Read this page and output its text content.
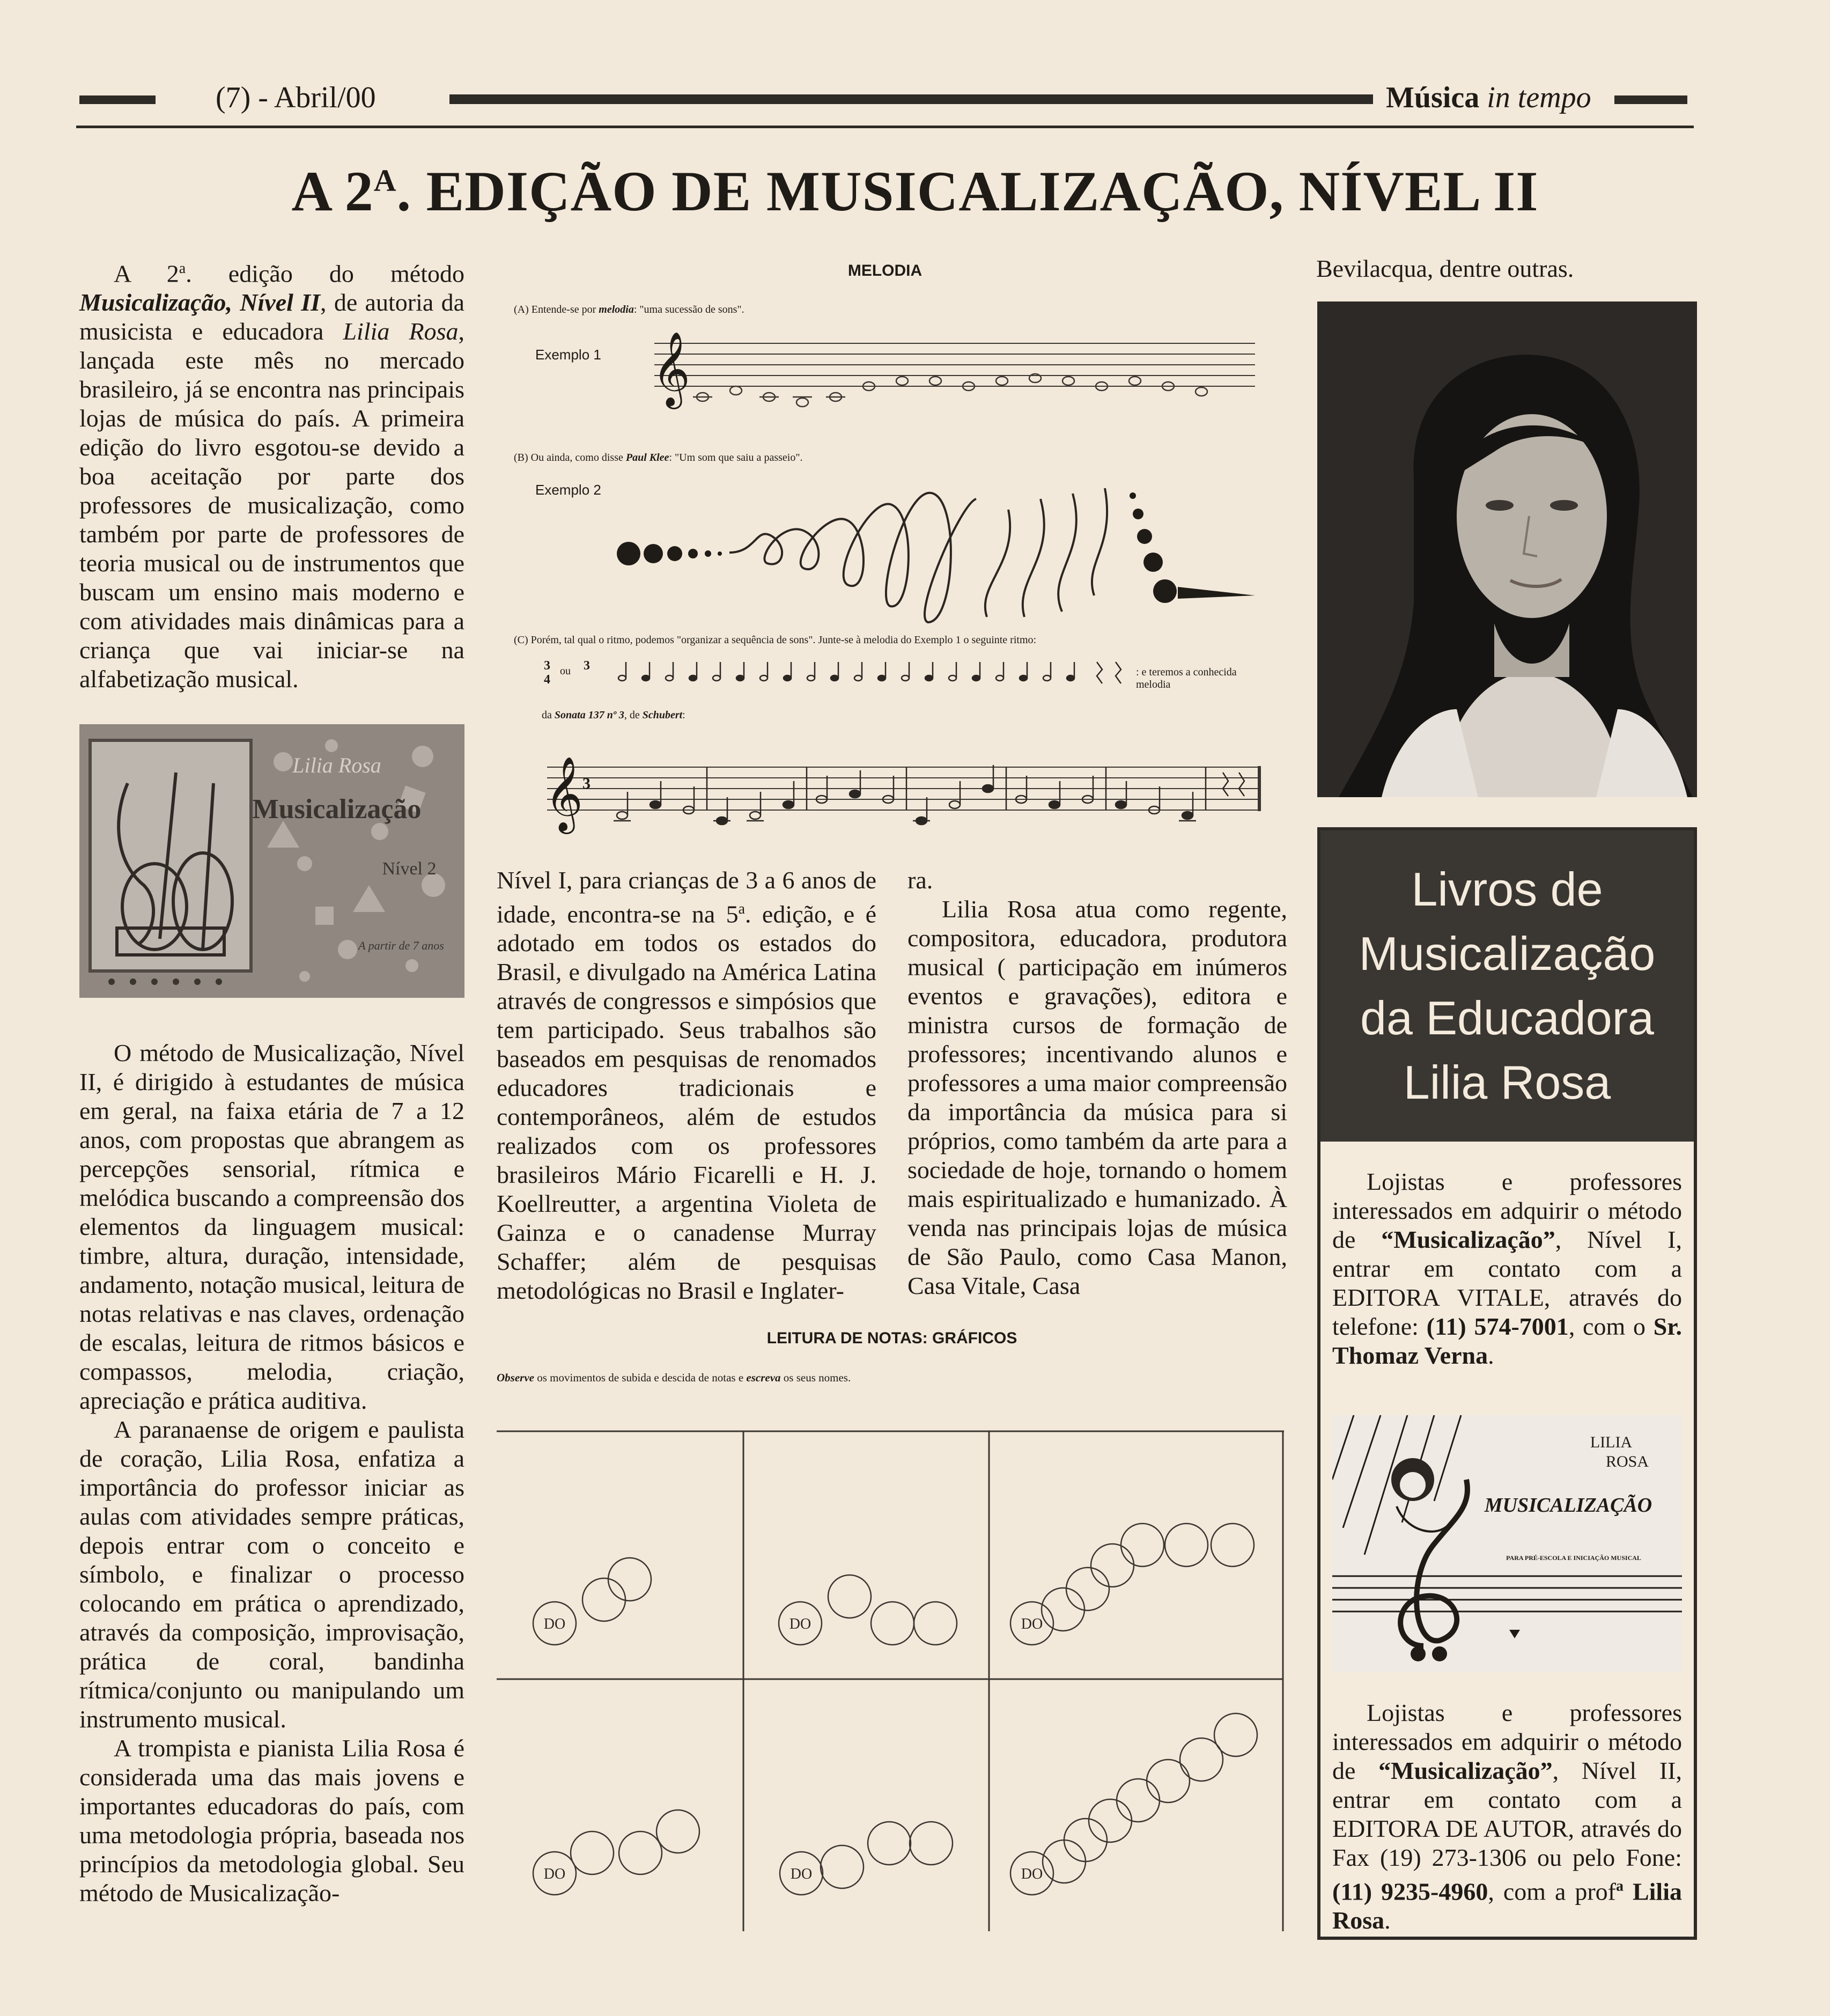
(7) - Abril/00	Música in tempo
A $2^A$. EDIÇÃO DE MUSICALIZAÇÃO, NÍVEL II

A 2$^a$. edição do método Musicalização, Nível II, de autoria da musicista e educadora Lilia Rosa, lançada este mês no mercado brasileiro, já se encontra nas principais lojas de música do país. A primeira edição do livro esgotou-se devido a boa aceitação por parte dos professores de musicalização, como também por parte de professores de teoria musical ou de instrumentos que buscam um ensino mais moderno e com atividades mais dinâmicas para a criança que vai iniciar-se na alfabetização musical.

Lilia Rosa
Musicalização
Nível 2
A partir de 7 anos

O método de Musicalização, Nível II, é dirigido à estudantes de música em geral, na faixa etária de 7 a 12 anos, com propostas que abrangem as percepções sensorial, rítmica e melódica buscando a compreensão dos elementos da linguagem musical: timbre, altura, duração, intensidade, andamento, notação musical, leitura de notas relativas e nas claves, ordenação de escalas, leitura de ritmos básicos e compassos, melodia, criação, apreciação e prática auditiva.

A paranaense de origem e paulista de coração, Lilia Rosa, enfatiza a importância do professor iniciar as aulas com atividades sempre práticas, depois entrar com o conceito e símbolo, e finalizar o processo colocando em prática o aprendizado, através da composição, improvisação, prática de coral, bandinha rítmica/conjunto ou manipulando um instrumento musical.

A trompista e pianista Lilia Rosa é considerada uma das mais jovens e importantes educadoras do país, com uma metodologia própria, baseada nos princípios da metodologia global. Seu método de Musicalização-

MELODIA
(A) Entende-se por melodia: "uma sucessão de sons".
Exemplo 1 𝄞
(B) Ou ainda, como disse Paul Klee: "Um som que saiu a passeio".
Exemplo 2
(C) Porém, tal qual o ritmo, podemos "organizar a sequência de sons". Junte-se à melodia do Exemplo 1 o seguinte ritmo:
3
4
ou 3	: e teremos a conhecida melodia
da Sonata 137 nº 3, de Schubert:
𝄞 3

Nível I, para crianças de 3 a 6 anos de idade, encontra-se na 5$^a$. edição, e é adotado em todos os estados do Brasil, e divulgado na América Latina através de congressos e simpósios que tem participado. Seus trabalhos são baseados em pesquisas de renomados educadores tradicionais e contemporâneos, além de estudos realizados com os professores brasileiros Mário Ficarelli e H. J. Koellreutter, a argentina Violeta de Gainza e o canadense Murray Schaffer; além de pesquisas metodológicas no Brasil e Inglater-

ra.

Lilia Rosa atua como regente, compositora, educadora, produtora musical ( participação em inúmeros eventos e gravações), editora e ministra cursos de formação de professores; incentivando alunos e professores a uma maior compreensão da importância da música para si próprios, como também da arte para a sociedade de hoje, tornando o homem mais espiritualizado e humanizado. À venda nas principais lojas de música de São Paulo, como Casa Manon, Casa Vitale, Casa

LEITURA DE NOTAS: GRÁFICOS
Observe os movimentos de subida e descida de notas e escreva os seus nomes.
DO	DO	DO
DO	DO	DO
Bevilacqua, dentre outras.
Livros de
Musicalização
da Educadora
Lilia Rosa

Lojistas e professores interessados em adquirir o método de “Musicalização”, Nível I, entrar em contato com a EDITORA VITALE, através do telefone: (11) 574-7001, com o Sr. Thomaz Verna.

LILIA
ROSA
MUSICALIZAÇÃO
PARA PRÉ-ESCOLA E INICIAÇÃO MUSICAL

Lojistas e professores interessados em adquirir o método de “Musicalização”, Nível II, entrar em contato com a EDITORA DE AUTOR, através do Fax (19) 273-1306 ou pelo Fone: (11) 9235-4960, com a prof$^a$ Lilia Rosa.
